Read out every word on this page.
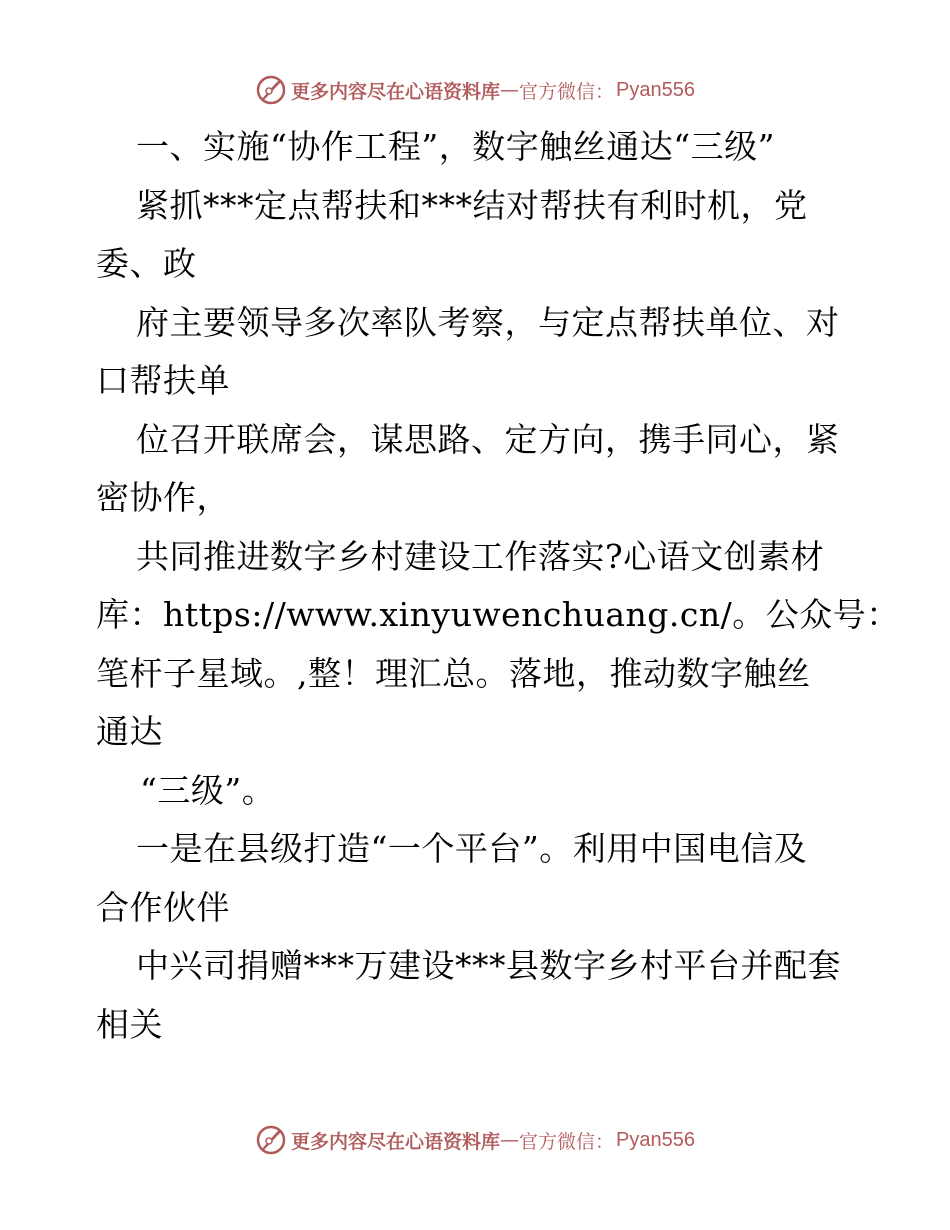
更多内容尽在心语资料库 — 官方微信： Pyan556
一、实施“协作工程”，数字触丝通达“三级”
紧抓***定点帮扶和***结对帮扶有利时机，党
委、政
府主要领导多次率队考察，与定点帮扶单位、对
口帮扶单
位召开联席会，谋思路、定方向，携手同心，紧
密协作，
共同推进数字乡村建设工作落实?心语文创素材
库：https://www.xinyuwenchuang.cn/。公众号：
笔杆子星域。,整！理汇总。落地，推动数字触丝
通达
“三级”。
一是在县级打造“一个平台”。利用中国电信及
合作伙伴
中兴司捐赠***万建设***县数字乡村平台并配套
相关
更多内容尽在心语资料库 — 官方微信： Pyan556
